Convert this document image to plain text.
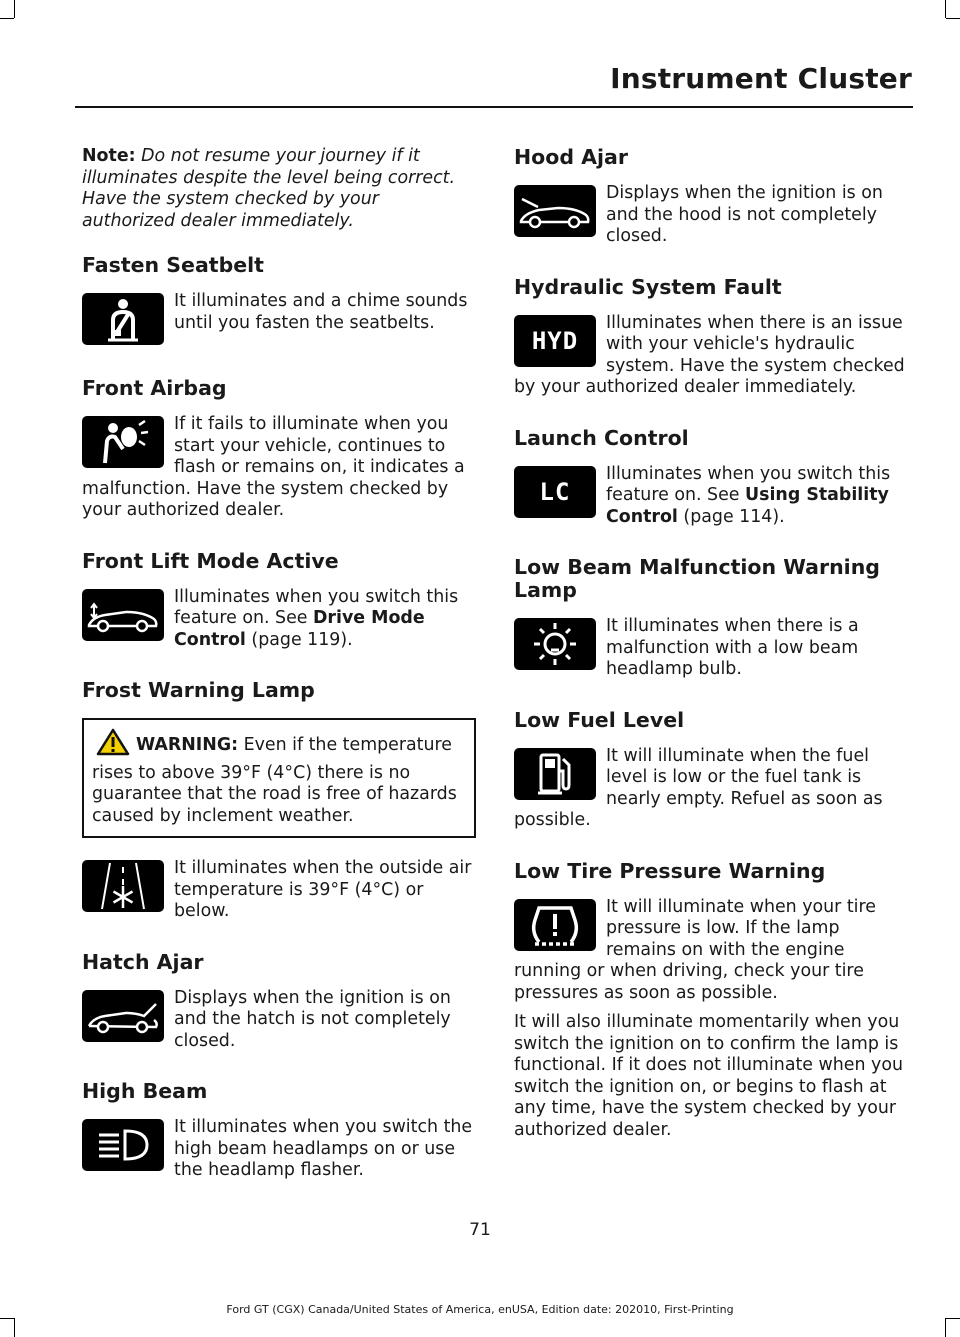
Instrument Cluster

Note: Do not resume your journey if it illuminates despite the level being correct. Have the system checked by your authorized dealer immediately.

Fasten Seatbelt

It illuminates and a chime sounds until you fasten the seatbelts.

Front Airbag

If it fails to illuminate when you start your vehicle, continues to flash or remains on, it indicates a malfunction. Have the system checked by your authorized dealer.

Front Lift Mode Active

Illuminates when you switch this feature on. See Drive Mode Control (page 119).

Frost Warning Lamp

WARNING: Even if the temperature rises to above 39°F (4°C) there is no guarantee that the road is free of hazards caused by inclement weather.

It illuminates when the outside air temperature is 39°F (4°C) or below.

Hatch Ajar

Displays when the ignition is on and the hatch is not completely closed.

High Beam

It illuminates when you switch the high beam headlamps on or use the headlamp flasher.

Hood Ajar

Displays when the ignition is on and the hood is not completely closed.

Hydraulic System Fault
HYD

Illuminates when there is an issue with your vehicle's hydraulic system. Have the system checked by your authorized dealer immediately.

Launch Control
LC

Illuminates when you switch this feature on. See Using Stability Control (page 114).

Low Beam Malfunction Warning Lamp

It illuminates when there is a malfunction with a low beam headlamp bulb.

Low Fuel Level

It will illuminate when the fuel level is low or the fuel tank is nearly empty. Refuel as soon as possible.

Low Tire Pressure Warning

It will illuminate when your tire pressure is low. If the lamp remains on with the engine running or when driving, check your tire pressures as soon as possible.

It will also illuminate momentarily when you switch the ignition on to confirm the lamp is functional. If it does not illuminate when you switch the ignition on, or begins to flash at any time, have the system checked by your authorized dealer.

71
Ford GT (CGX) Canada/United States of America, enUSA, Edition date: 202010, First-Printing
